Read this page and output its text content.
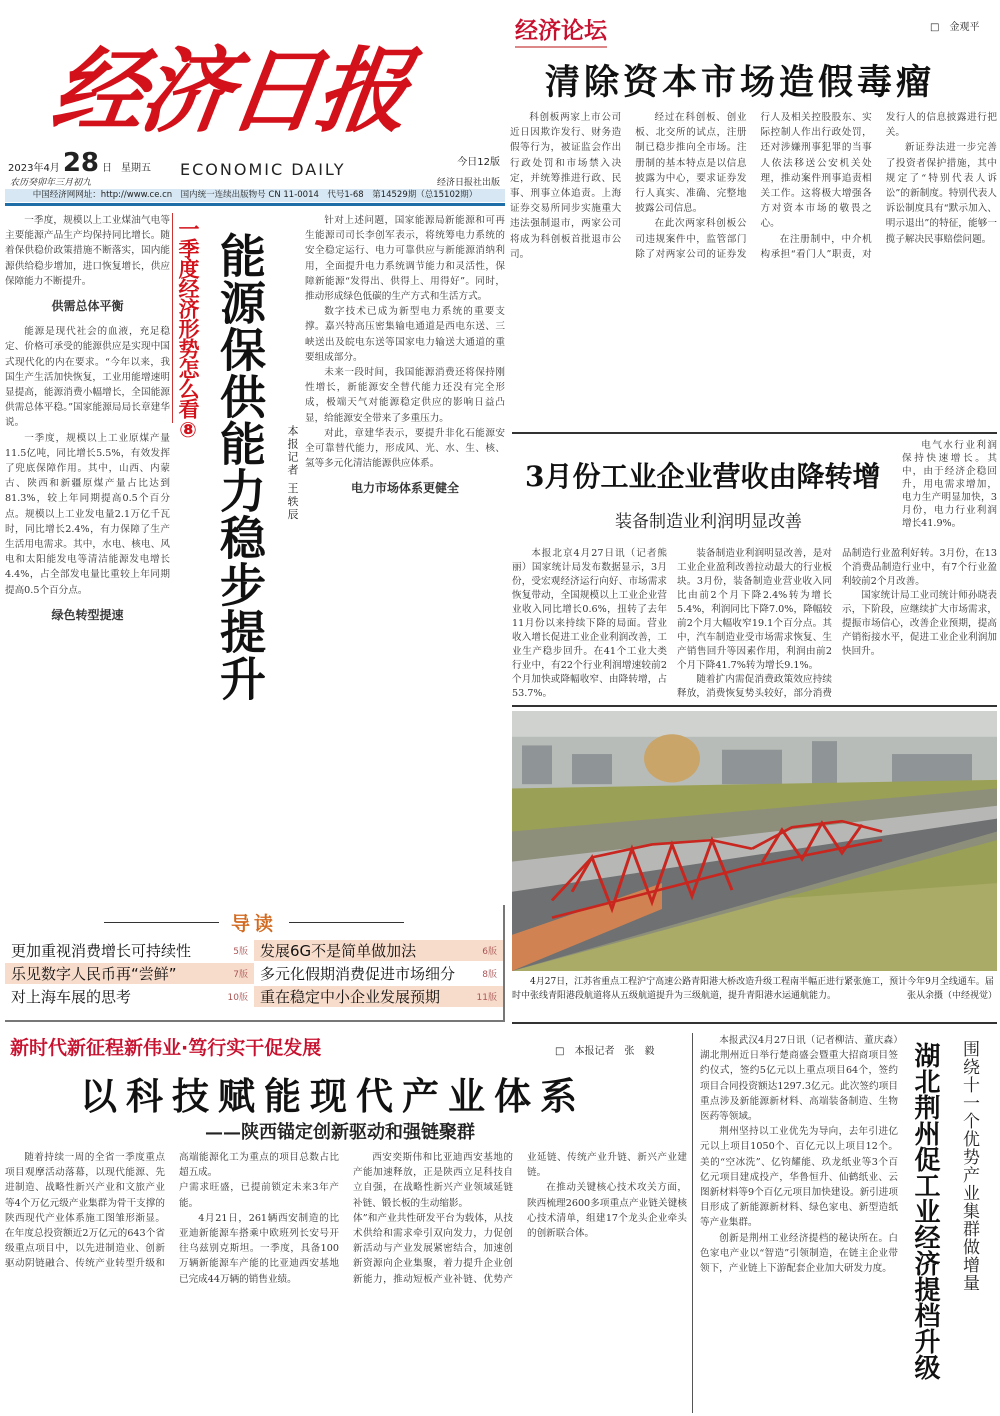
经济日报
2023年4月 28 日 星期五
农历癸卯年三月初九
ECONOMIC DAILY	今日12版
经济日报社出版
中国经济网网址：http://www.ce.cn　国内统一连续出版物号 CN 11-0014　代号1-68　第14529期（总15102期）

一季度，规模以上工业煤油气电等主要能源产品生产均保持同比增长。随着保供稳价政策措施不断落实，国内能源供给稳步增加，进口恢复增长，供应保障能力不断提升。

供需总体平衡

能源是现代社会的血液，充足稳定、价格可承受的能源供应是实现中国式现代化的内在要求。“今年以来，我国生产生活加快恢复，工业用能增速明显提高，能源消费小幅增长，全国能源供需总体平稳。”国家能源局局长章建华说。

一季度，规模以上工业原煤产量11.5亿吨，同比增长5.5%，有效发挥了兜底保障作用。其中，山西、内蒙古、陕西和新疆原煤产量占比达到81.3%，较上年同期提高0.5个百分点。规模以上工业发电量2.1万亿千瓦时，同比增长2.4%，有力保障了生产生活用电需求。其中，水电、核电、风电和太阳能发电等清洁能源发电增长4.4%，占全部发电量比重较上年同期提高0.5个百分点。

绿色转型提速
一季度经济形势怎么看⑧ 能源保供能力稳步提升 本报记者 王轶辰

针对上述问题，国家能源局新能源和可再生能源司司长李创军表示，将统筹电力系统的安全稳定运行、电力可靠供应与新能源消纳利用，全面提升电力系统调节能力和灵活性，保障新能源“发得出、供得上、用得好”。同时，推动形成绿色低碳的生产方式和生活方式。

数字技术已成为新型电力系统的重要支撑。嘉兴特高压密集输电通道是西电东送、三峡送出及皖电东送等国家电力输送大通道的重要组成部分。

未来一段时间，我国能源消费还将保持刚性增长，新能源安全替代能力还没有完全形成，极端天气对能源稳定供应的影响日益凸显，给能源安全带来了多重压力。

对此，章建华表示，要提升非化石能源安全可靠替代能力，形成风、光、水、生、核、氢等多元化清洁能源供应体系。

电力市场体系更健全
导读
更加重视消费增长可持续性	5版 发展6G不是简单做加法	6版
乐见数字人民币再“尝鲜”	7版 多元化假期消费促进市场细分	8版
对上海车展的思考	10版 重在稳定中小企业发展预期	11版
经济论坛	□　金观平
清除资本市场造假毒瘤

科创板两家上市公司近日因欺诈发行、财务造假等行为，被证监会作出行政处罚和市场禁入决定，并统筹推进行政、民事、刑事立体追责。上海证券交易所同步实施重大违法强制退市，两家公司将成为科创板首批退市公司。

经过在科创板、创业板、北交所的试点，注册制已稳步推向全市场。注册制的基本特点是以信息披露为中心，要求证券发行人真实、准确、完整地披露公司信息。

在此次两家科创板公司违规案件中，监管部门除了对两家公司的证券发行人及相关控股股东、实际控制人作出行政处罚，还对涉嫌刑事犯罪的当事人依法移送公安机关处理，推动案件刑事追责相关工作。这将极大增强各方对资本市场的敬畏之心。

在注册制中，中介机构承担“看门人”职责，对发行人的信息披露进行把关。

新证券法进一步完善了投资者保护措施，其中规定了“特别代表人诉讼”的新制度。特别代表人诉讼制度具有“默示加入、明示退出”的特征，能够一揽子解决民事赔偿问题。

3月份工业企业营收由降转增
装备制造业利润明显改善
电气水行业利润保持快速增长。其中，由于经济企稳回升，用电需求增加，电力生产明显加快，3月份，电力行业利润增长41.9%。

本报北京4月27日讯（记者熊丽）国家统计局发布数据显示，3月份，受宏观经济运行向好、市场需求恢复带动，全国规模以上工业企业营业收入同比增长0.6%，扭转了去年11月份以来持续下降的局面。营业收入增长促进工业企业利润改善，工业生产稳步回升。在41个工业大类行业中，有22个行业利润增速较前2个月加快或降幅收窄、由降转增，占53.7%。

装备制造业利润明显改善，是对工业企业盈利改善拉动最大的行业板块。3月份，装备制造业营业收入同比由前2个月下降2.4%转为增长5.4%，利润同比下降7.0%，降幅较前2个月大幅收窄19.1个百分点。其中，汽车制造业受市场需求恢复、生产销售回升等因素作用，利润由前2个月下降41.7%转为增长9.1%。

随着扩内需促消费政策效应持续释放，消费恢复势头较好，部分消费品制造行业盈利好转。3月份，在13个消费品制造行业中，有7个行业盈利较前2个月改善。

国家统计局工业司统计师孙晓表示，下阶段，应继续扩大市场需求，提振市场信心，改善企业预期，提高产销衔接水平，促进工业企业利润加快回升。

4月27日，江苏省重点工程沪宁高速公路青阳港大桥改造升级工程南半幅正进行紧张施工，预计今年9月全线通车。届时中张线青阳港段航道将从五级航道提升为三级航道，提升青阳港水运通航能力。	张从余摄（中经视觉）
新时代新征程新伟业·笃行实干促发展	□　本报记者　张　毅
以科技赋能现代产业体系
——陕西锚定创新驱动和强链聚群

随着持续一周的全省一季度重点项目观摩活动落幕，以现代能源、先进制造、战略性新兴产业和文旅产业等4个万亿元级产业集群为骨干支撑的陕西现代产业体系施工图雏形渐显。在年度总投资额近2万亿元的643个省级重点项目中，以先进制造业、创新驱动阴链融合、传统产业转型升级和高端能源化工为重点的项目总数占比超五成。

户需求旺盛，已提前锁定未来3年产能。

4月21日，261辆西安制造的比亚迪新能源车搭乘中欧班列长安号开往乌兹别克斯坦。一季度，具备100万辆新能源车产能的比亚迪西安基地已完成44万辆的销售业绩。

西安奕斯伟和比亚迪西安基地的产能加速释放，正是陕西立足科技自立自强，在战略性新兴产业领域延链补链、锻长板的生动缩影。

体”和产业共性研发平台为载体，从技术供给和需求牵引双向发力，力促创新活动与产业发展紧密结合，加速创新资源向企业集聚，着力提升企业创新能力，推动短板产业补链、优势产业延链、传统产业升链、新兴产业建链。

在推动关键核心技术攻关方面，陕西梳理2600多项重点产业链关键核心技术清单，组建17个龙头企业牵头的创新联合体。

本报武汉4月27日讯（记者柳洁、董庆森）湖北荆州近日举行楚商盛会暨重大招商项目签约仪式，签约5亿元以上重点项目64个，签约项目合同投资额达1297.3亿元。此次签约项目重点涉及新能源新材料、高端装备制造、生物医药等领域。

荆州坚持以工业优先为导向，去年引进亿元以上项目1050个、百亿元以上项目12个。美的“空冰洗”、亿钧耀能、玖龙纸业等3个百亿元项目建成投产，华鲁恒升、仙鹤纸业、云图新材料等9个百亿元项目加快建设。新引进项目形成了新能源新材料、绿色家电、新型造纸等产业集群。

创新是荆州工业经济提档的秘诀所在。白色家电产业以“智造”引领制造，在链主企业带领下，产业链上下游配套企业加大研发力度。 湖北荆州促工业经济提档升级 围绕十一个优势产业集群做增量
